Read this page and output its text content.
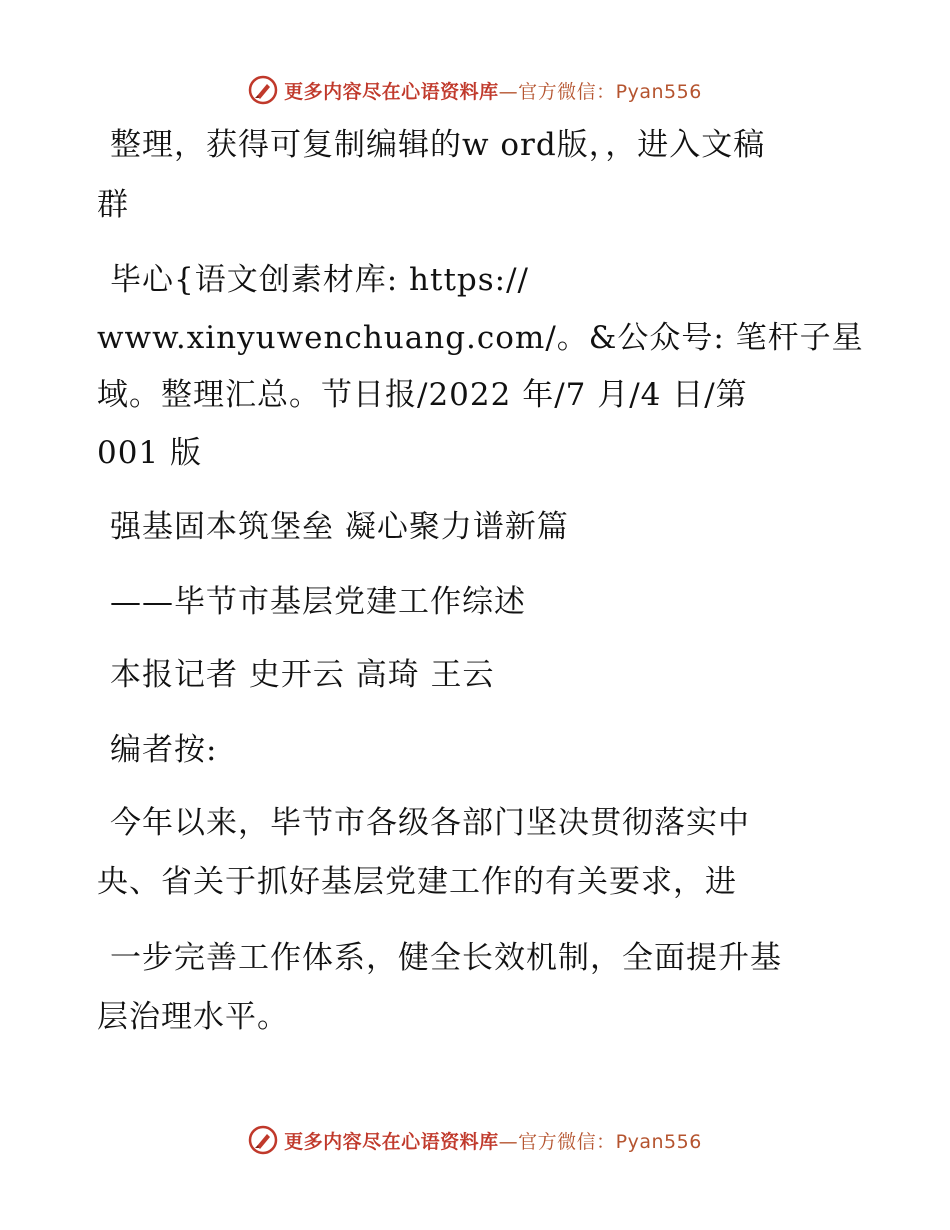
更多内容尽在心语资料库—官方微信：Pyan556
整理，获得可复制编辑的w ord版，，进入文稿
群
毕心{语文创素材库: https://
www.xinyuwenchuang.com/。&公众号: 笔杆子星
域。整理汇总。节日报/2022 年/7 月/4 日/第
001 版
强基固本筑堡垒 凝心聚力谱新篇
——毕节市基层党建工作综述
本报记者 史开云 高琦 王云
编者按:
今年以来，毕节市各级各部门坚决贯彻落实中
央、省关于抓好基层党建工作的有关要求，进
一步完善工作体系，健全长效机制，全面提升基
层治理水平。
更多内容尽在心语资料库—官方微信：Pyan556
